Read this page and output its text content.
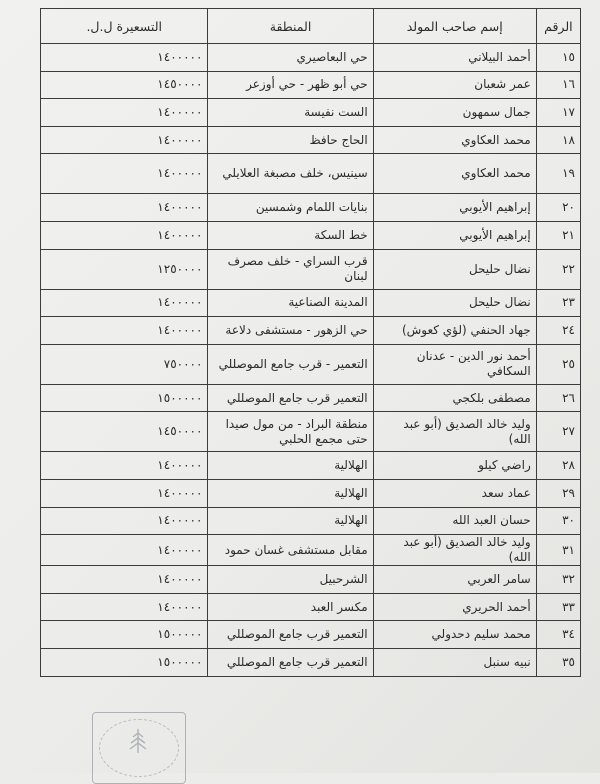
الرقم	إسم صاحب المولد	المنطقة	التسعيرة ل.ل.
١٥	أحمد البيلاني	حي البعاصيري	١٤٠٠٠٠٠
١٦	عمر شعبان	حي أبو ظهر - حي أوزعر	١٤٥٠٠٠٠
١٧	جمال سمهون	الست نفيسة	١٤٠٠٠٠٠
١٨	محمد العكاوي	الحاج حافظ	١٤٠٠٠٠٠
١٩	محمد العكاوي	سينيس، خلف مصبغة العلايلي	١٤٠٠٠٠٠
٢٠	إبراهيم الأيوبي	بنايات اللمام وشمسين	١٤٠٠٠٠٠
٢١	إبراهيم الأيوبي	خط السكة	١٤٠٠٠٠٠
٢٢	نضال حليحل	قرب السراي - خلف مصرف لبنان	١٢٥٠٠٠٠
٢٣	نضال حليحل	المدينة الصناعية	١٤٠٠٠٠٠
٢٤	جهاد الحنفي (لؤي كعوش)	حي الزهور - مستشفى دلاعة	١٤٠٠٠٠٠
٢٥	أحمد نور الدين - عدنان السكافي	التعمير - قرب جامع الموصللي	٧٥٠٠٠٠
٢٦	مصطفى بلكجي	التعمير قرب جامع الموصللي	١٥٠٠٠٠٠
٢٧	وليد خالد الصديق (أبو عبد الله)	منطقة البراد - من مول صيدا حتى مجمع الحلبي	١٤٥٠٠٠٠
٢٨	راضي كيلو	الهلالية	١٤٠٠٠٠٠
٢٩	عماد سعد	الهلالية	١٤٠٠٠٠٠
٣٠	حسان العبد الله	الهلالية	١٤٠٠٠٠٠
٣١	وليد خالد الصديق (أبو عبد الله)	مقابل مستشفى غسان حمود	١٤٠٠٠٠٠
٣٢	سامر العربي	الشرحبيل	١٤٠٠٠٠٠
٣٣	أحمد الحريري	مكسر العبد	١٤٠٠٠٠٠
٣٤	محمد سليم دحدولي	التعمير قرب جامع الموصللي	١٥٠٠٠٠٠
٣٥	نبيه سنبل	التعمير قرب جامع الموصللي	١٥٠٠٠٠٠
